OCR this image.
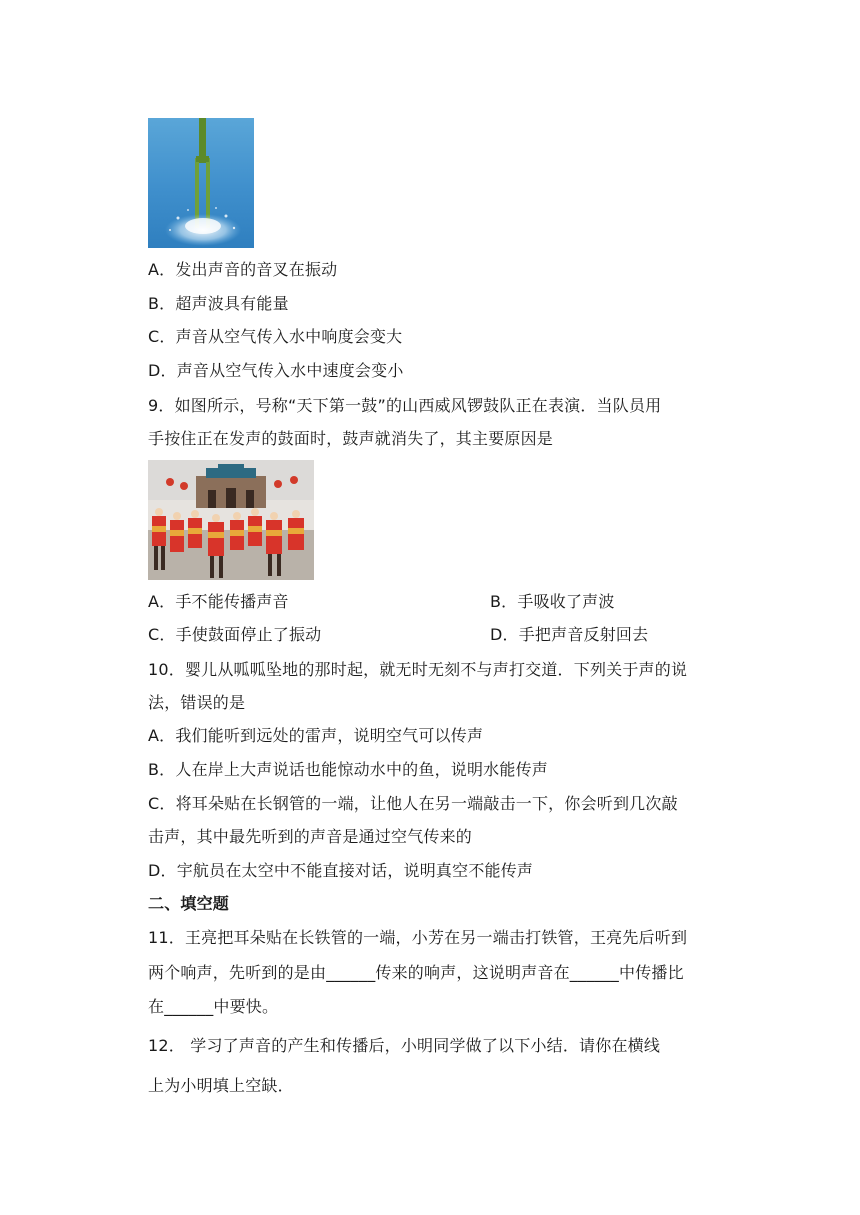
A．发出声音的音叉在振动
B．超声波具有能量
C．声音从空气传入水中响度会变大
D．声音从空气传入水中速度会变小
9．如图所示，号称“天下第一鼓”的山西威风锣鼓队正在表演．当队员用
手按住正在发声的鼓面时，鼓声就消失了，其主要原因是
A．手不能传播声音	B．手吸收了声波
C．手使鼓面停止了振动	D．手把声音反射回去
10．婴儿从呱呱坠地的那时起，就无时无刻不与声打交道．下列关于声的说
法，错误的是
A．我们能听到远处的雷声，说明空气可以传声
B．人在岸上大声说话也能惊动水中的鱼，说明水能传声
C．将耳朵贴在长钢管的一端，让他人在另一端敲击一下，你会听到几次敲
击声，其中最先听到的声音是通过空气传来的
D．宇航员在太空中不能直接对话，说明真空不能传声
二、填空题
11．王亮把耳朵贴在长铁管的一端，小芳在另一端击打铁管，王亮先后听到
两个响声，先听到的是由______传来的响声，这说明声音在______中传播比
在______中要快。
12． 学习了声音的产生和传播后，小明同学做了以下小结．请你在横线
上为小明填上空缺．
